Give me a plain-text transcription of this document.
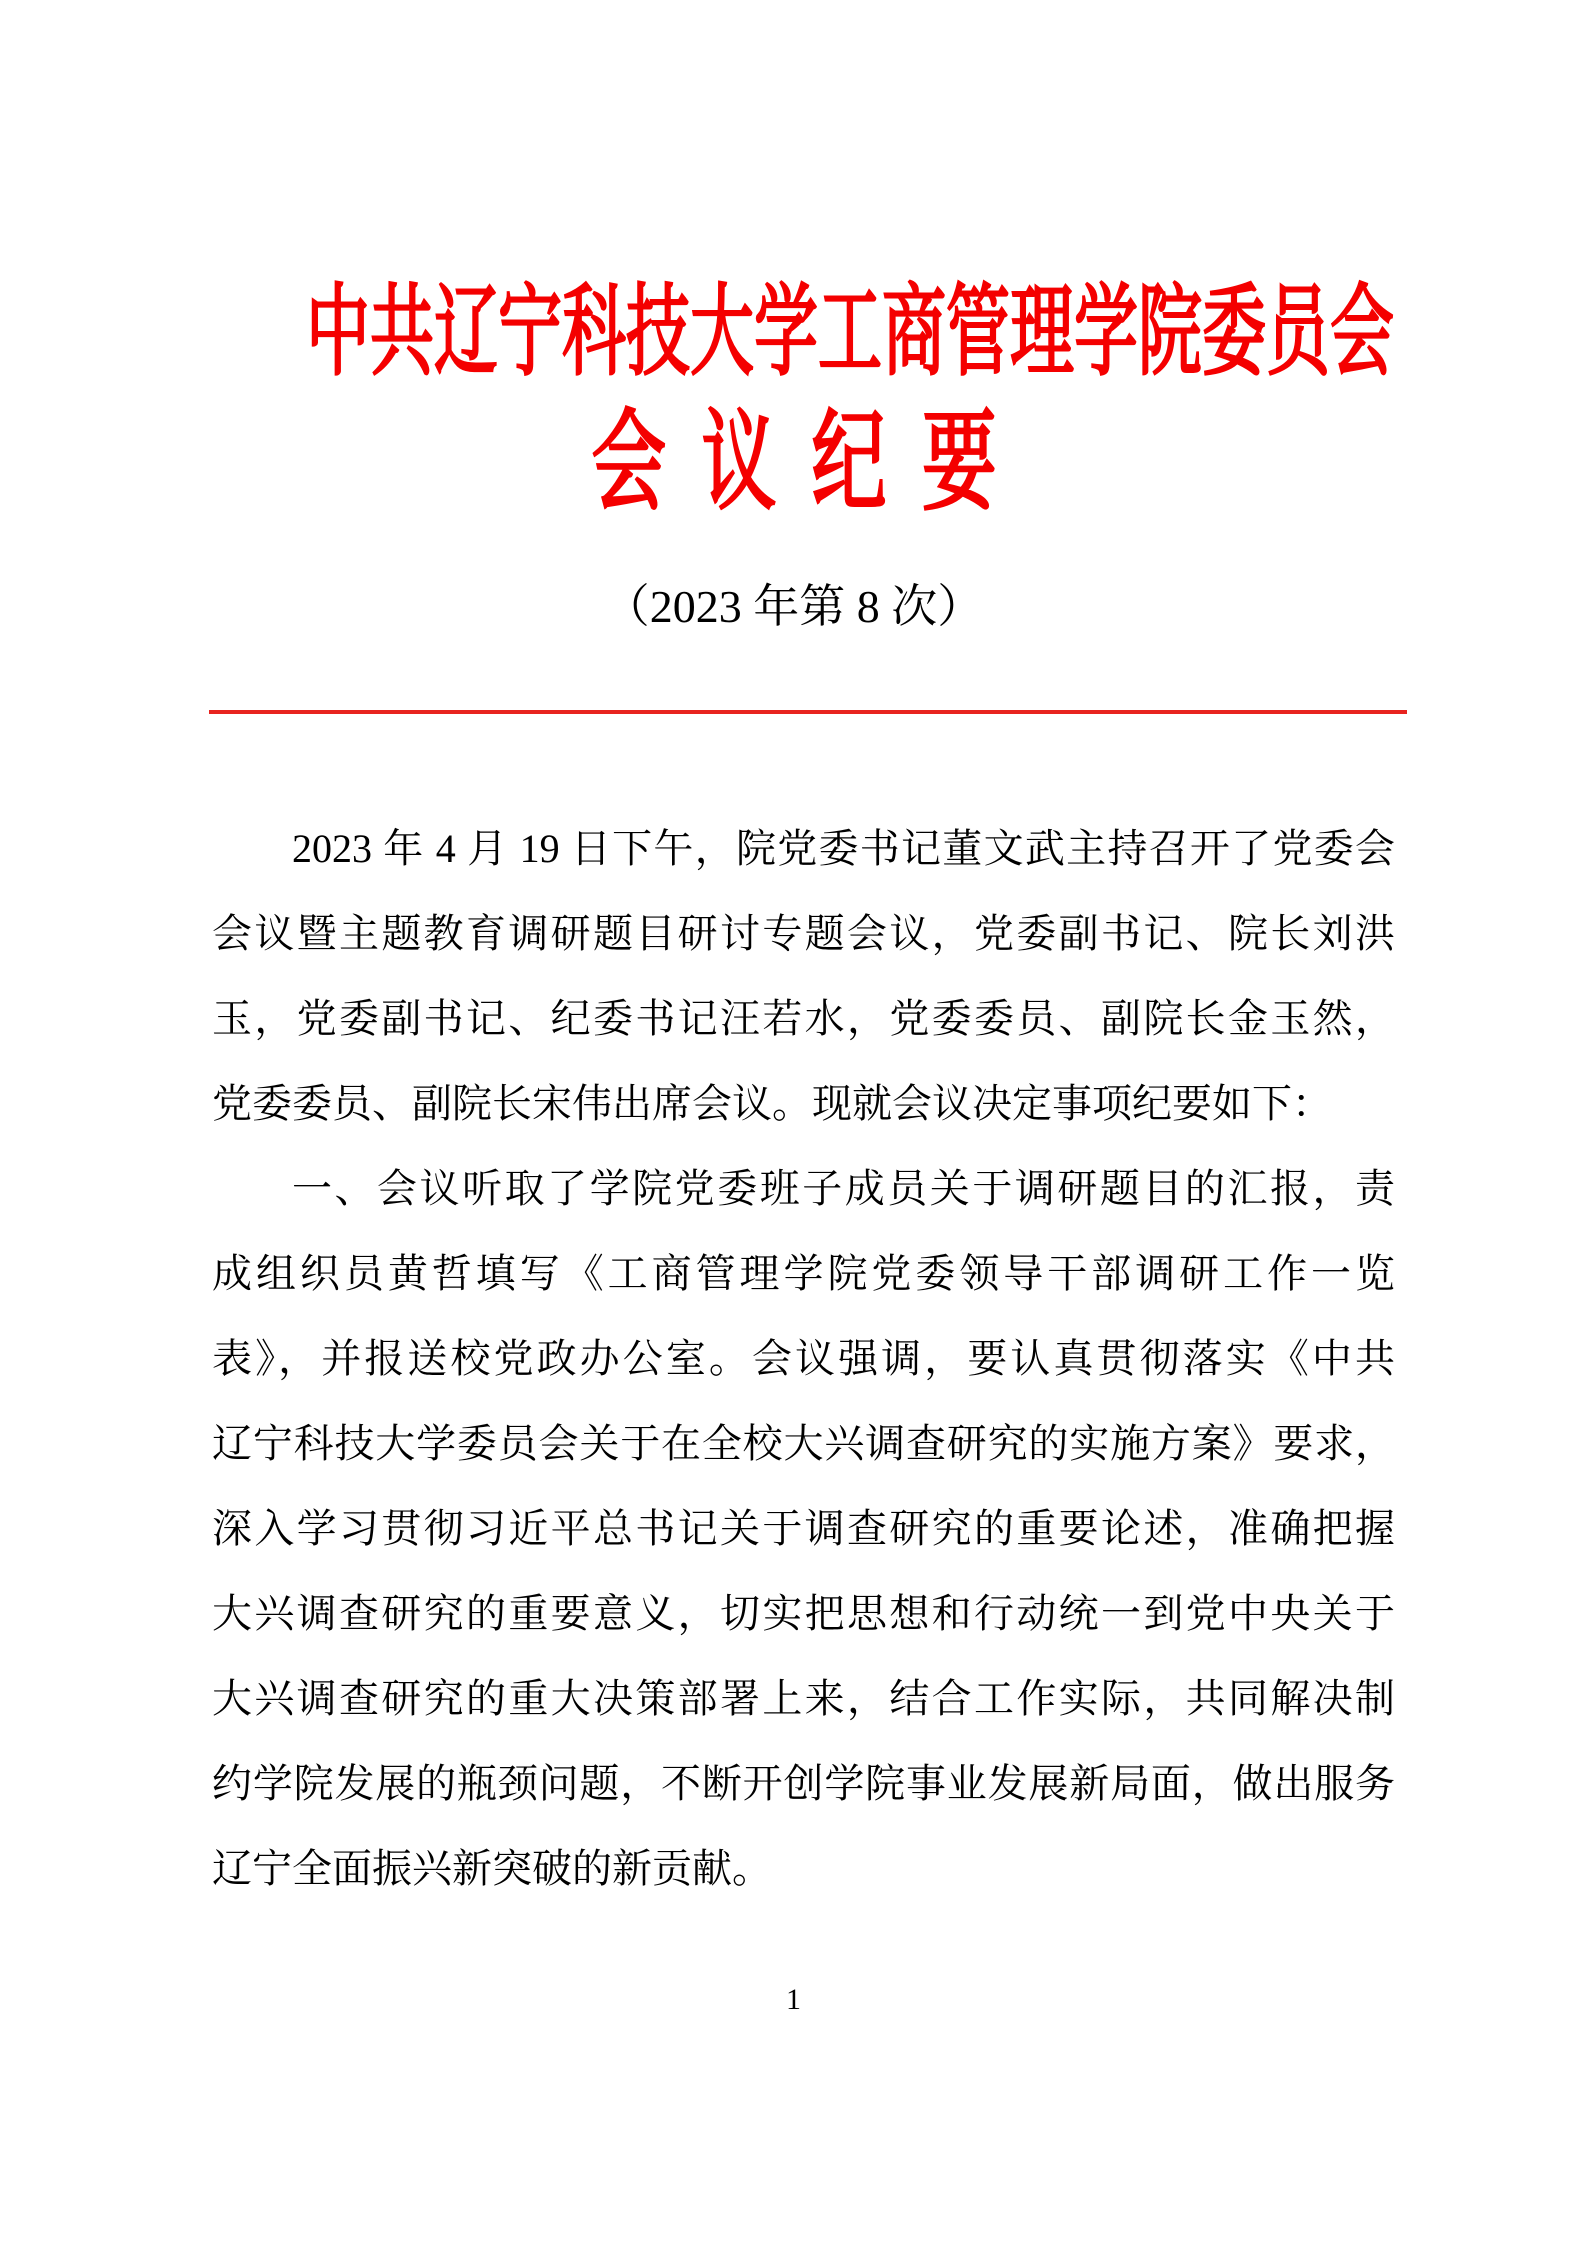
中共辽宁科技大学工商管理学院委员会
会议纪要
（2023 年第 8 次）
2023 年 4 月 19 日下午，院党委书记董文武主持召开了党委会
会议暨主题教育调研题目研讨专题会议，党委副书记、院长刘洪
玉，党委副书记、纪委书记汪若水，党委委员、副院长金玉然，
党委委员、副院长宋伟出席会议。现就会议决定事项纪要如下：
一、会议听取了学院党委班子成员关于调研题目的汇报，责
成组织员黄哲填写《工商管理学院党委领导干部调研工作一览
表》，并报送校党政办公室。会议强调，要认真贯彻落实《中共
辽宁科技大学委员会关于在全校大兴调查研究的实施方案》要求，
深入学习贯彻习近平总书记关于调查研究的重要论述，准确把握
大兴调查研究的重要意义，切实把思想和行动统一到党中央关于
大兴调查研究的重大决策部署上来，结合工作实际，共同解决制
约学院发展的瓶颈问题，不断开创学院事业发展新局面，做出服务
辽宁全面振兴新突破的新贡献。
1
